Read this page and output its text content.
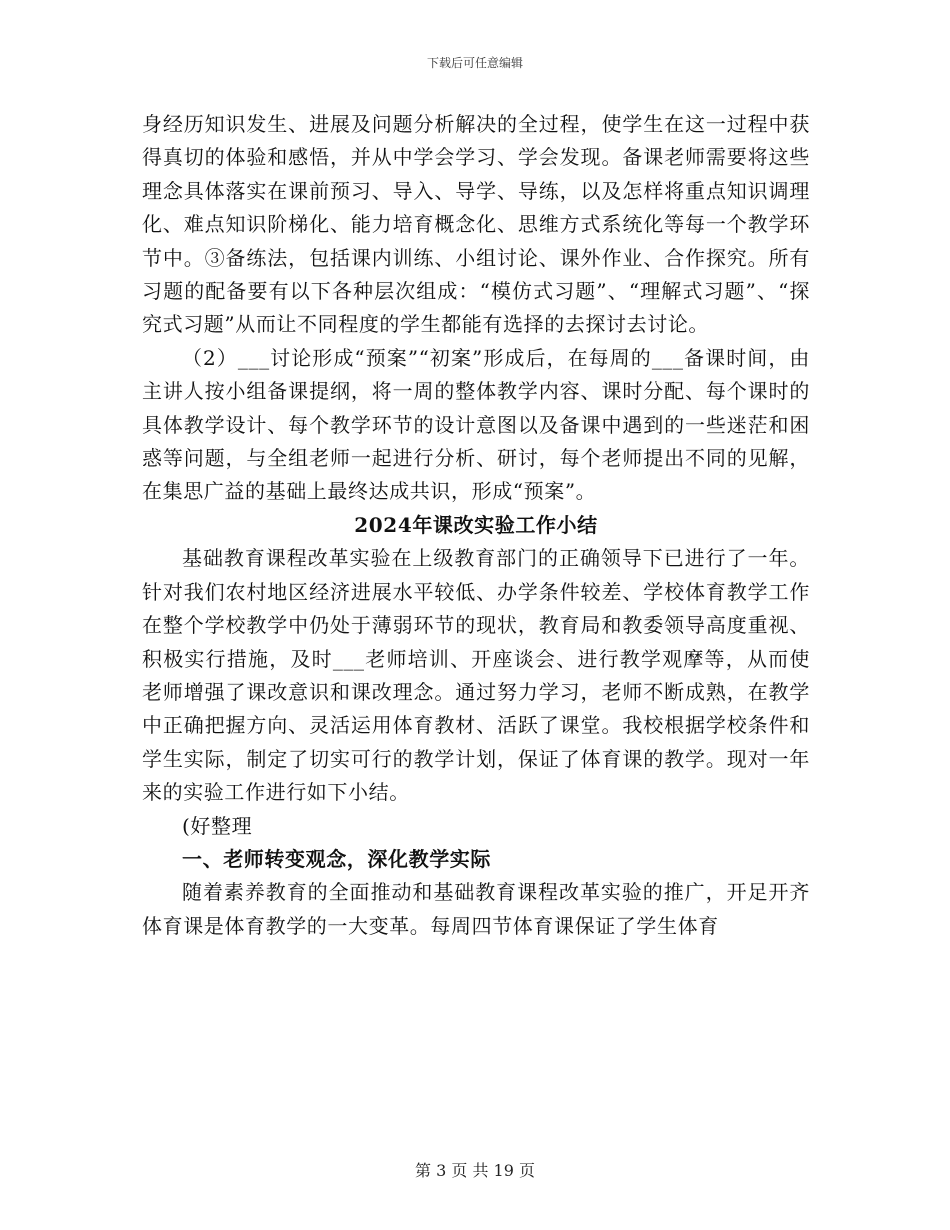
下载后可任意编辑

身经历知识发生、进展及问题分析解决的全过程，使学生在这一过程中获得真切的体验和感悟，并从中学会学习、学会发现。备课老师需要将这些理念具体落实在课前预习、导入、导学、导练，以及怎样将重点知识调理化、难点知识阶梯化、能力培育概念化、思维方式系统化等每一个教学环节中。③备练法，包括课内训练、小组讨论、课外作业、合作探究。所有习题的配备要有以下各种层次组成：“模仿式习题”、“理解式习题”、“探究式习题”从而让不同程度的学生都能有选择的去探讨去讨论。

（2）___讨论形成“预案”“初案”形成后，在每周的___备课时间，由主讲人按小组备课提纲，将一周的整体教学内容、课时分配、每个课时的具体教学设计、每个教学环节的设计意图以及备课中遇到的一些迷茫和困惑等问题，与全组老师一起进行分析、研讨，每个老师提出不同的见解，在集思广益的基础上最终达成共识，形成“预案”。

2024年课改实验工作小结

基础教育课程改革实验在上级教育部门的正确领导下已进行了一年。针对我们农村地区经济进展水平较低、办学条件较差、学校体育教学工作在整个学校教学中仍处于薄弱环节的现状，教育局和教委领导高度重视、积极实行措施，及时___老师培训、开座谈会、进行教学观摩等，从而使老师增强了课改意识和课改理念。通过努力学习，老师不断成熟，在教学中正确把握方向、灵活运用体育教材、活跃了课堂。我校根据学校条件和学生实际，制定了切实可行的教学计划，保证了体育课的教学。现对一年来的实验工作进行如下小结。

(好整理

一、老师转变观念，深化教学实际

随着素养教育的全面推动和基础教育课程改革实验的推广，开足开齐体育课是体育教学的一大变革。每周四节体育课保证了学生体育

第 3 页 共 19 页
